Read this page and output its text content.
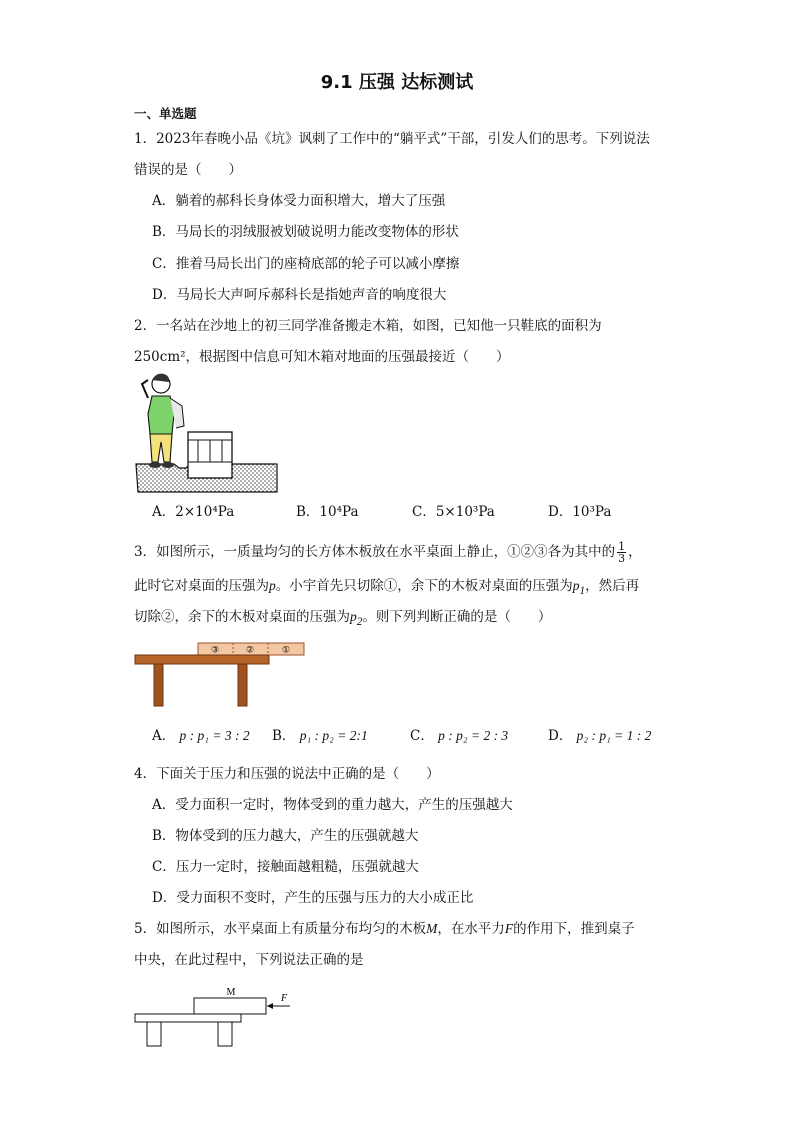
9.1 压强 达标测试
一、单选题
1．2023年春晚小品《坑》讽刺了工作中的“躺平式”干部，引发人们的思考。下列说法
错误的是（　　）
A．躺着的郝科长身体受力面积增大，增大了压强
B．马局长的羽绒服被划破说明力能改变物体的形状
C．推着马局长出门的座椅底部的轮子可以减小摩擦
D．马局长大声呵斥郝科长是指她声音的响度很大
2．一名站在沙地上的初三同学准备搬走木箱，如图，已知他一只鞋底的面积为
250cm²，根据图中信息可知木箱对地面的压强最接近（　　）
A．2×10⁴Pa	B．10⁴Pa	C．5×10³Pa	D．10³Pa
3．如图所示，一质量均匀的长方体木板放在水平桌面上静止，①②③各为其中的 $\frac{1}{3}$ ，
此时它对桌面的压强为p。小宇首先只切除①，余下的木板对桌面的压强为$p_1$，然后再
切除②，余下的木板对桌面的压强为$p_2$。则下列判断正确的是（　　）
③	②	①
A． p : p₁ = 3 : 2 B． p₁ : p₂ = 2:1	C． p : p₂ = 2 : 3	D． p₂ : p₁ = 1 : 2
4．下面关于压力和压强的说法中正确的是（　　）
A．受力面积一定时，物体受到的重力越大，产生的压强越大
B．物体受到的压力越大，产生的压强就越大
C．压力一定时，接触面越粗糙，压强就越大
D．受力面积不变时，产生的压强与压力的大小成正比
5．如图所示，水平桌面上有质量分布均匀的木板M，在水平力F的作用下，推到桌子
中央，在此过程中，下列说法正确的是
M
F
